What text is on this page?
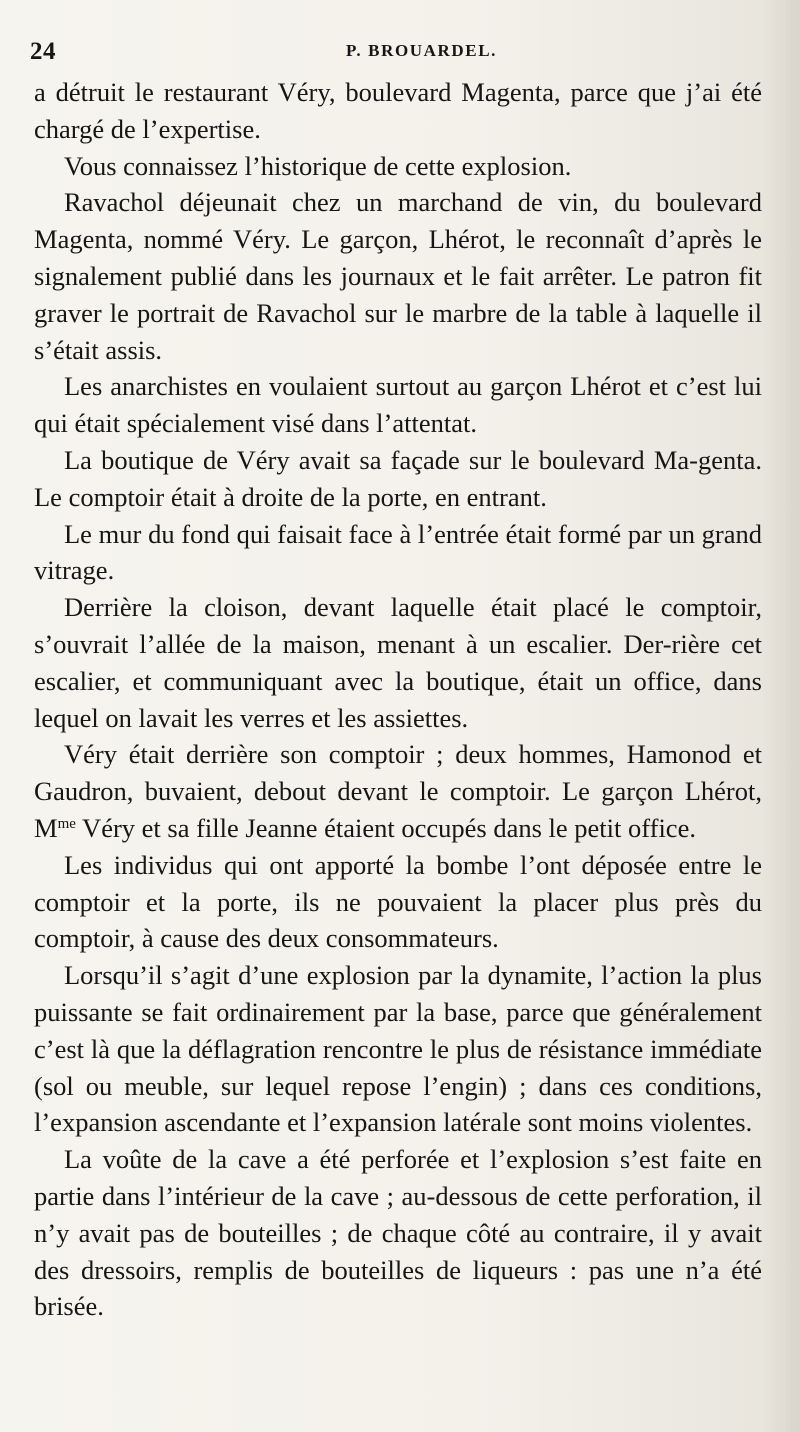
24	P. BROUARDEL.

a détruit le restaurant Véry, boulevard Magenta, parce que j’ai été chargé de l’expertise.

Vous connaissez l’historique de cette explosion.

Ravachol déjeunait chez un marchand de vin, du boulevard Magenta, nommé Véry. Le garçon, Lhérot, le reconnaît d’après le signalement publié dans les journaux et le fait arrêter. Le patron fit graver le portrait de Ravachol sur le marbre de la table à laquelle il s’était assis.

Les anarchistes en voulaient surtout au garçon Lhérot et c’est lui qui était spécialement visé dans l’attentat.

La boutique de Véry avait sa façade sur le boulevard Ma-genta. Le comptoir était à droite de la porte, en entrant.

Le mur du fond qui faisait face à l’entrée était formé par un grand vitrage.

Derrière la cloison, devant laquelle était placé le comptoir, s’ouvrait l’allée de la maison, menant à un escalier. Der-rière cet escalier, et communiquant avec la boutique, était un office, dans lequel on lavait les verres et les assiettes.

Véry était derrière son comptoir ; deux hommes, Hamonod et Gaudron, buvaient, debout devant le comptoir. Le garçon Lhérot, $M^{me}$ Véry et sa fille Jeanne étaient occupés dans le petit office.

Les individus qui ont apporté la bombe l’ont déposée entre le comptoir et la porte, ils ne pouvaient la placer plus près du comptoir, à cause des deux consommateurs.

Lorsqu’il s’agit d’une explosion par la dynamite, l’action la plus puissante se fait ordinairement par la base, parce que généralement c’est là que la déflagration rencontre le plus de résistance immédiate (sol ou meuble, sur lequel repose l’engin) ; dans ces conditions, l’expansion ascendante et l’expansion latérale sont moins violentes.

La voûte de la cave a été perforée et l’explosion s’est faite en partie dans l’intérieur de la cave ; au-dessous de cette perforation, il n’y avait pas de bouteilles ; de chaque côté au contraire, il y avait des dressoirs, remplis de bouteilles de liqueurs : pas une n’a été brisée.
